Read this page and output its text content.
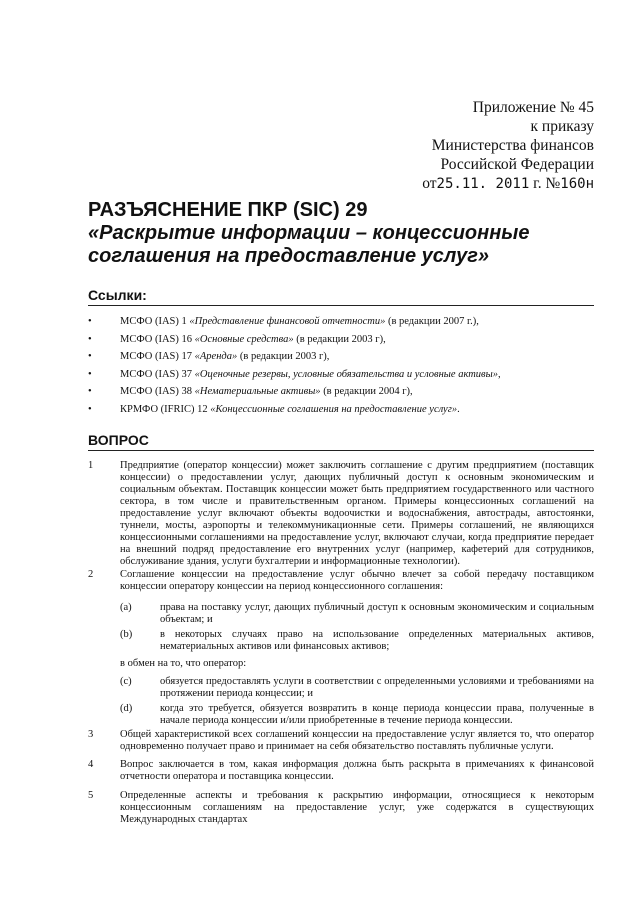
Приложение № 45
к приказу
Министерства финансов
Российской Федерации
от25.11. 2011 г. №160н
РАЗЪЯСНЕНИЕ ПКР (SIC) 29
«Раскрытие информации – концессионные
соглашения на предоставление услуг»
Ссылки:
•	МСФО (IAS) 1 «Представление финансовой отчетности» (в редакции 2007 г.),
•	МСФО (IAS) 16 «Основные средства» (в редакции 2003 г),
•	МСФО (IAS) 17 «Аренда» (в редакции 2003 г),
•	МСФО (IAS) 37 «Оценочные резервы, условные обязательства и условные активы»,
•	МСФО (IAS) 38 «Нематериальные активы» (в редакции 2004 г),
•	КРМФО (IFRIC) 12 «Концессионные соглашения на предоставление услуг».
ВОПРОС
1	Предприятие (оператор концессии) может заключить соглашение с другим предприятием (поставщик концессии) о предоставлении услуг, дающих публичный доступ к основным экономическим и социальным объектам. Поставщик концессии может быть предприятием государственного или частного сектора, в том числе и правительственным органом. Примеры концессионных соглашений на предоставление услуг включают объекты водоочистки и водоснабжения, автострады, автостоянки, туннели, мосты, аэропорты и телекоммуникационные сети. Примеры соглашений, не являющихся концессионными соглашениями на предоставление услуг, включают случаи, когда предприятие передает на внешний подряд предоставление его внутренних услуг (например, кафетерий для сотрудников, обслуживание здания, услуги бухгалтерии и информационные технологии).
2	Соглашение концессии на предоставление услуг обычно влечет за собой передачу поставщиком концессии оператору концессии на период концессионного соглашения:
(a)	права на поставку услуг, дающих публичный доступ к основным экономическим и социальным объектам; и
(b)	в некоторых случаях право на использование определенных материальных активов, нематериальных активов или финансовых активов;
в обмен на то, что оператор:
(c)	обязуется предоставлять услуги в соответствии с определенными условиями и требованиями на протяжении периода концессии; и
(d)	когда это требуется, обязуется возвратить в конце периода концессии права, полученные в начале периода концессии и/или приобретенные в течение периода концессии.
3	Общей характеристикой всех соглашений концессии на предоставление услуг является то, что оператор одновременно получает право и принимает на себя обязательство поставлять публичные услуги.
4	Вопрос заключается в том, какая информация должна быть раскрыта в примечаниях к финансовой отчетности оператора и поставщика концессии.
5	Определенные аспекты и требования к раскрытию информации, относящиеся к некоторым концессионным соглашениям на предоставление услуг, уже содержатся в существующих Международных стандартах
